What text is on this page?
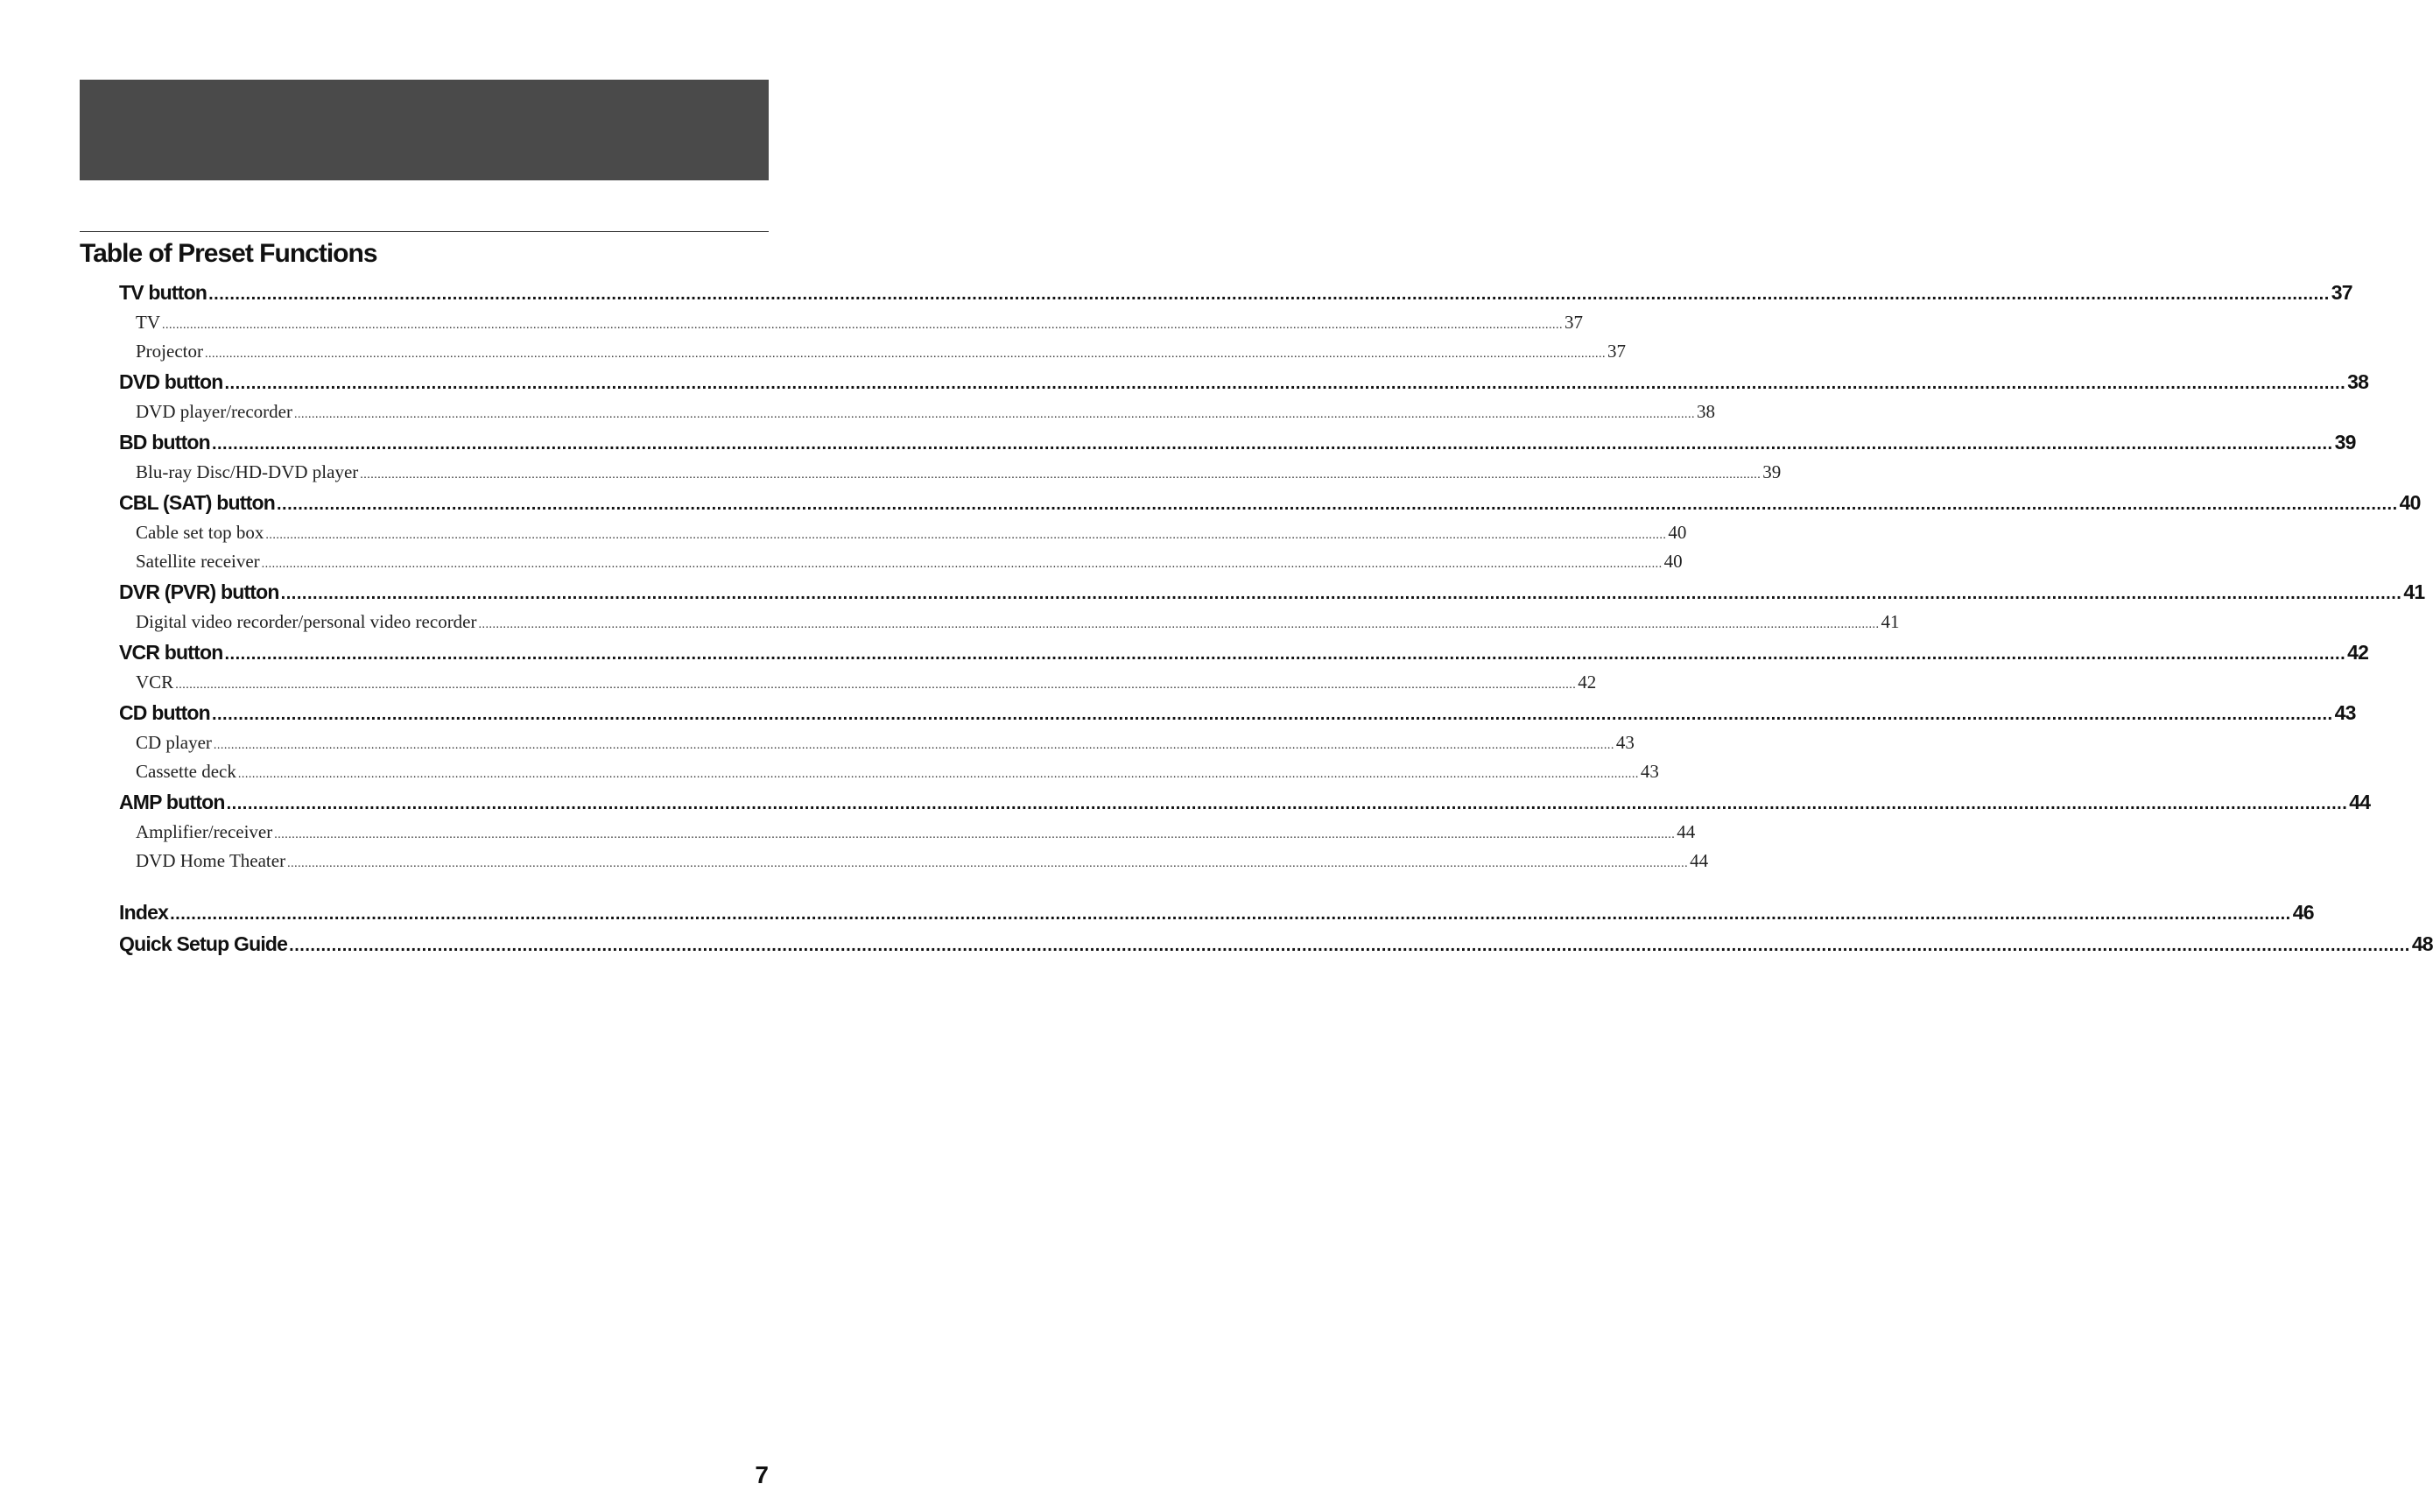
Table of Preset Functions
TV button ................................................................................................................................................................................................................................................................................................................................................................................................................ 37
TV ................................................................................................................................................................................................................................................................................................................................................................................................................ 37
Projector ................................................................................................................................................................................................................................................................................................................................................................................................................ 37
DVD button ................................................................................................................................................................................................................................................................................................................................................................................................................ 38
DVD player/recorder ................................................................................................................................................................................................................................................................................................................................................................................................................ 38
BD button ................................................................................................................................................................................................................................................................................................................................................................................................................ 39
Blu-ray Disc/HD-DVD player ................................................................................................................................................................................................................................................................................................................................................................................................................ 39
CBL (SAT) button ................................................................................................................................................................................................................................................................................................................................................................................................................ 40
Cable set top box ................................................................................................................................................................................................................................................................................................................................................................................................................ 40
Satellite receiver ................................................................................................................................................................................................................................................................................................................................................................................................................ 40
DVR (PVR) button ................................................................................................................................................................................................................................................................................................................................................................................................................ 41
Digital video recorder/personal video recorder ................................................................................................................................................................................................................................................................................................................................................................................................................ 41
VCR button ................................................................................................................................................................................................................................................................................................................................................................................................................ 42
VCR ................................................................................................................................................................................................................................................................................................................................................................................................................ 42
CD button ................................................................................................................................................................................................................................................................................................................................................................................................................ 43
CD player ................................................................................................................................................................................................................................................................................................................................................................................................................ 43
Cassette deck ................................................................................................................................................................................................................................................................................................................................................................................................................ 43
AMP button ................................................................................................................................................................................................................................................................................................................................................................................................................ 44
Amplifier/receiver ................................................................................................................................................................................................................................................................................................................................................................................................................ 44
DVD Home Theater ................................................................................................................................................................................................................................................................................................................................................................................................................ 44
Index ................................................................................................................................................................................................................................................................................................................................................................................................................ 46
Quick Setup Guide ................................................................................................................................................................................................................................................................................................................................................................................................................ 48
7
